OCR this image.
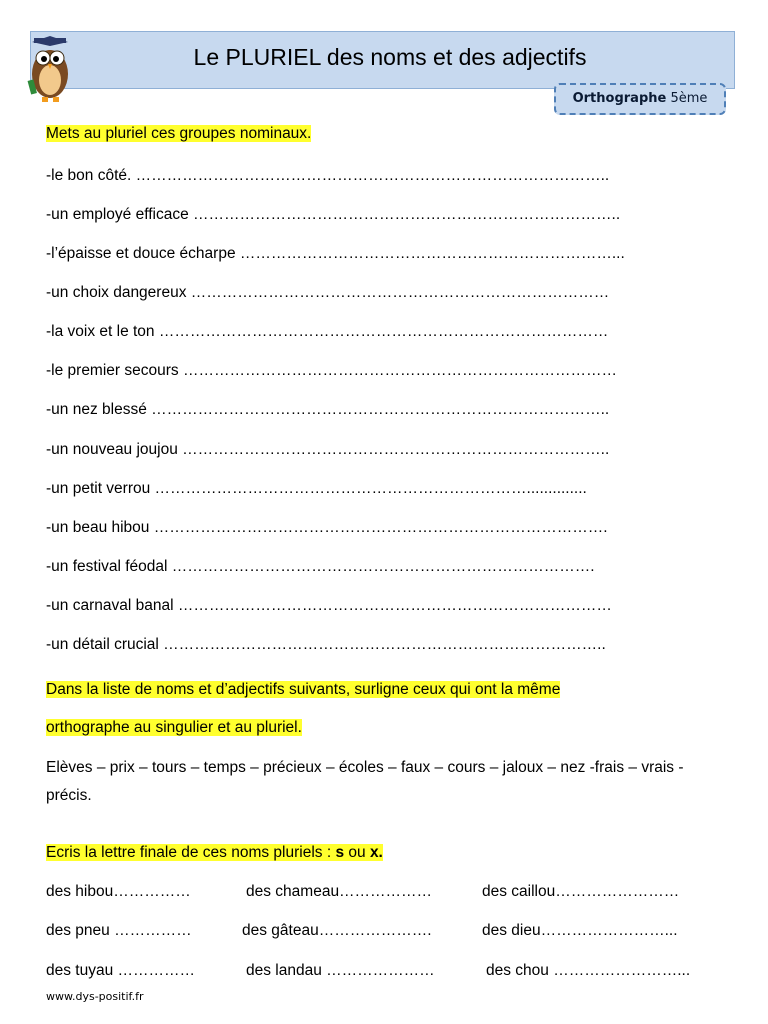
Le PLURIEL des noms et des adjectifs
Orthographe 5ème
Mets au pluriel ces groupes nominaux.
-le bon côté. ………………………………………………………………………………..
-un employé efficace ………………………………………………………………………..
-l’épaisse et douce écharpe ………………………………………………………………...
-un choix dangereux ………………………………………………………………………
-la voix et le ton ……………………………………………………………………………
-le premier secours …………………………………………………………………………
-un nez blessé ……………………………………………………………………………..
-un nouveau joujou ………………………………………………………………………..
-un petit verrou ………………………………………………………………..............
-un beau hibou …………………………………………………………………………….
-un festival féodal ……………………………………………………………………….
-un carnaval banal …………………………………………………………………………
-un détail crucial …………………………………………………………………………..
Dans la liste de noms et d’adjectifs suivants, surligne ceux qui ont la même
orthographe au singulier et au pluriel.
Elèves – prix – tours – temps – précieux – écoles – faux – cours – jaloux – nez -frais – vrais - précis.
Ecris la lettre finale de ces noms pluriels : s ou x.
des hibou……………	des chameau………………	des caillou……………………
des pneu ……………	des gâteau………………….	des dieu……………………...
des tuyau ……………	des landau …………………	des chou ……………………...
www.dys-positif.fr
